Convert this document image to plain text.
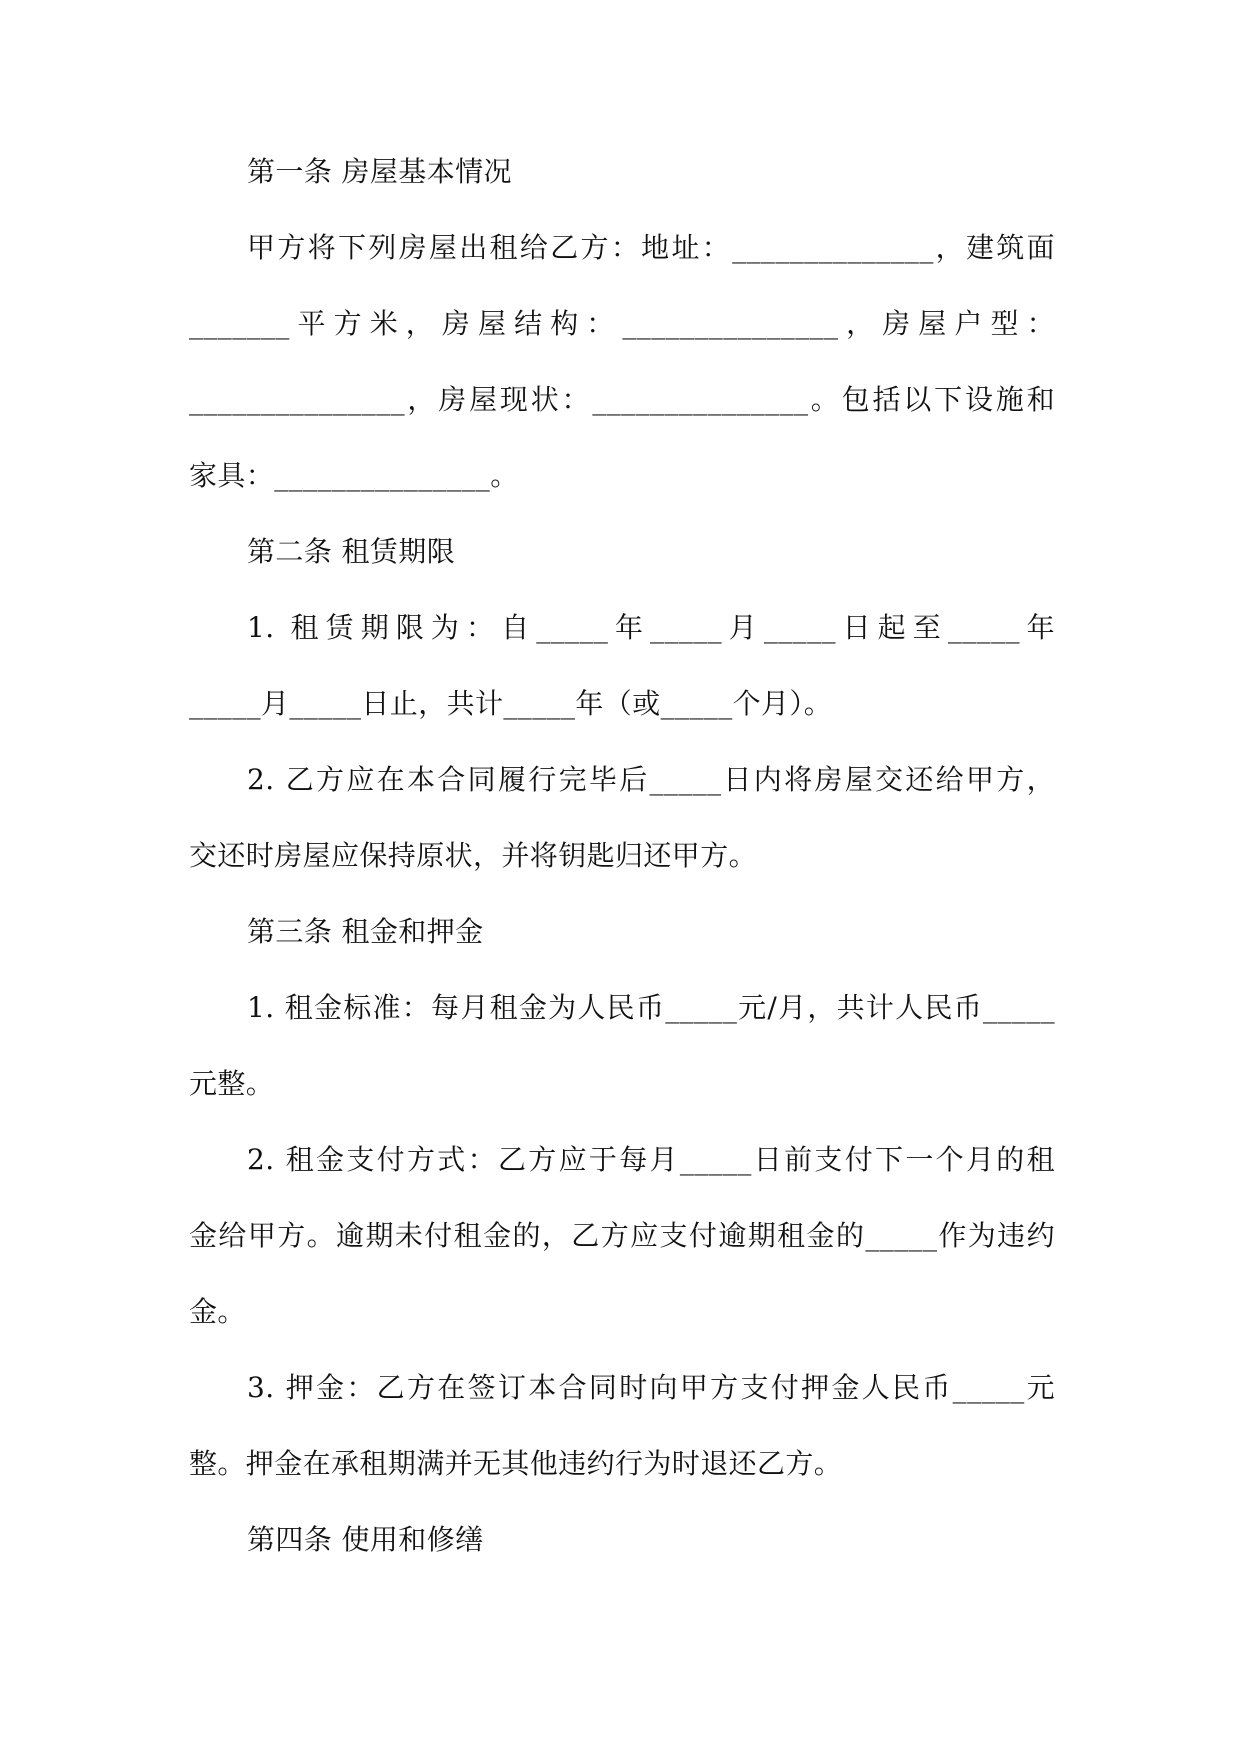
第一条 房屋基本情况
甲方将下列房屋出租给乙方：地址：______________，建筑面
_______平方米，房屋结构：_______________，房屋户型：
_______________，房屋现状：_______________。包括以下设施和
家具：_______________。
第二条 租赁期限
1. 租赁期限为：自_____年_____月_____日起至_____年
_____月_____日止，共计_____年（或_____个月）。
2. 乙方应在本合同履行完毕后_____日内将房屋交还给甲方，
交还时房屋应保持原状，并将钥匙归还甲方。
第三条 租金和押金
1. 租金标准：每月租金为人民币_____元/月，共计人民币_____
元整。
2. 租金支付方式：乙方应于每月_____日前支付下一个月的租
金给甲方。逾期未付租金的，乙方应支付逾期租金的_____作为违约
金。
3. 押金：乙方在签订本合同时向甲方支付押金人民币_____元
整。押金在承租期满并无其他违约行为时退还乙方。
第四条 使用和修缮
